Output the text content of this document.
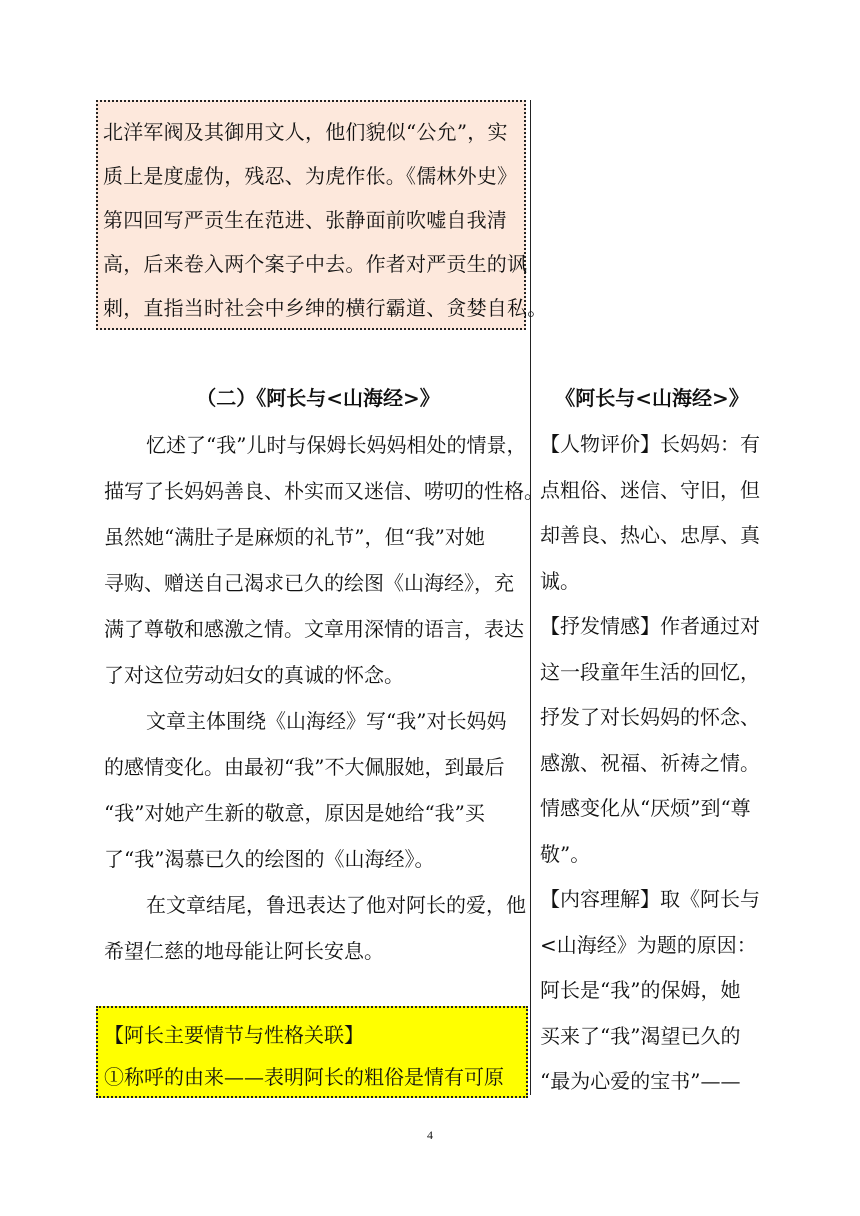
北洋军阀及其御用文人，他们貌似“公允”，实
质上是度虚伪，残忍、为虎作伥。《儒林外史》
第四回写严贡生在范进、张静面前吹嘘自我清
高，后来卷入两个案子中去。作者对严贡生的讽
刺，直指当时社会中乡绅的横行霸道、贪婪自私。
（二）《阿长与<山海经>》
忆述了“我”儿时与保姆长妈妈相处的情景，
描写了长妈妈善良、朴实而又迷信、唠叨的性格。
虽然她“满肚子是麻烦的礼节”，但“我”对她
寻购、赠送自己渴求已久的绘图《山海经》，充
满了尊敬和感激之情。文章用深情的语言，表达
了对这位劳动妇女的真诚的怀念。
文章主体围绕《山海经》写“我”对长妈妈
的感情变化。由最初“我”不大佩服她，到最后
“我”对她产生新的敬意，原因是她给“我”买
了“我”渴慕已久的绘图的《山海经》。
在文章结尾，鲁迅表达了他对阿长的爱，他
希望仁慈的地母能让阿长安息。
【阿长主要情节与性格关联】
①称呼的由来——表明阿长的粗俗是情有可原
《阿长与<山海经>》
【人物评价】长妈妈：有
点粗俗、迷信、守旧，但
却善良、热心、忠厚、真
诚。
【抒发情感】作者通过对
这一段童年生活的回忆，
抒发了对长妈妈的怀念、
感激、祝福、祈祷之情。
情感变化从“厌烦”到“尊
敬”。
【内容理解】取《阿长与
<山海经》为题的原因：
阿长是“我”的保姆，她
买来了“我”渴望已久的
“最为心爱的宝书”——
4
